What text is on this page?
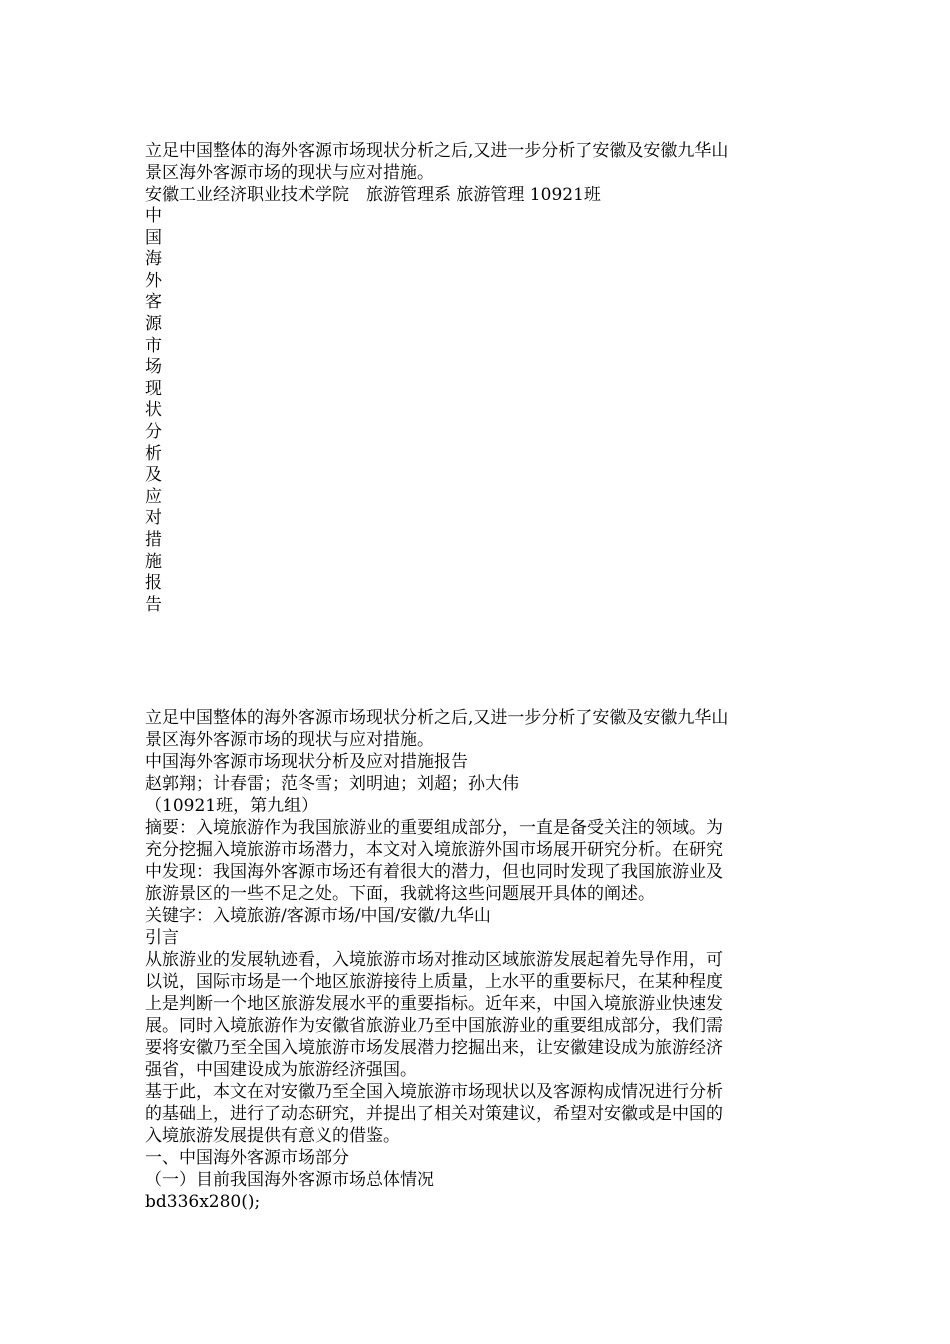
立足中国整体的海外客源市场现状分析之后,又进一步分析了安徽及安徽九华山
景区海外客源市场的现状与应对措施。
安徽工业经济职业技术学院　旅游管理系 旅游管理 10921班
中
国
海
外
客
源
市
场
现
状
分
析
及
应
对
措
施
报
告
立足中国整体的海外客源市场现状分析之后,又进一步分析了安徽及安徽九华山
景区海外客源市场的现状与应对措施。
中国海外客源市场现状分析及应对措施报告
赵郭翔；计春雷；范冬雪；刘明迪；刘超；孙大伟
（10921班，第九组）
摘要：入境旅游作为我国旅游业的重要组成部分，一直是备受关注的领域。为
充分挖掘入境旅游市场潜力，本文对入境旅游外国市场展开研究分析。在研究
中发现：我国海外客源市场还有着很大的潜力，但也同时发现了我国旅游业及
旅游景区的一些不足之处。下面，我就将这些问题展开具体的阐述。
关键字：入境旅游/客源市场/中国/安徽/九华山
引言
从旅游业的发展轨迹看，入境旅游市场对推动区域旅游发展起着先导作用，可
以说，国际市场是一个地区旅游接待上质量，上水平的重要标尺，在某种程度
上是判断一个地区旅游发展水平的重要指标。近年来，中国入境旅游业快速发
展。同时入境旅游作为安徽省旅游业乃至中国旅游业的重要组成部分，我们需
要将安徽乃至全国入境旅游市场发展潜力挖掘出来，让安徽建设成为旅游经济
强省，中国建设成为旅游经济强国。
基于此，本文在对安徽乃至全国入境旅游市场现状以及客源构成情况进行分析
的基础上，进行了动态研究，并提出了相关对策建议，希望对安徽或是中国的
入境旅游发展提供有意义的借鉴。
一、中国海外客源市场部分
（一）目前我国海外客源市场总体情况
bd336x280();
